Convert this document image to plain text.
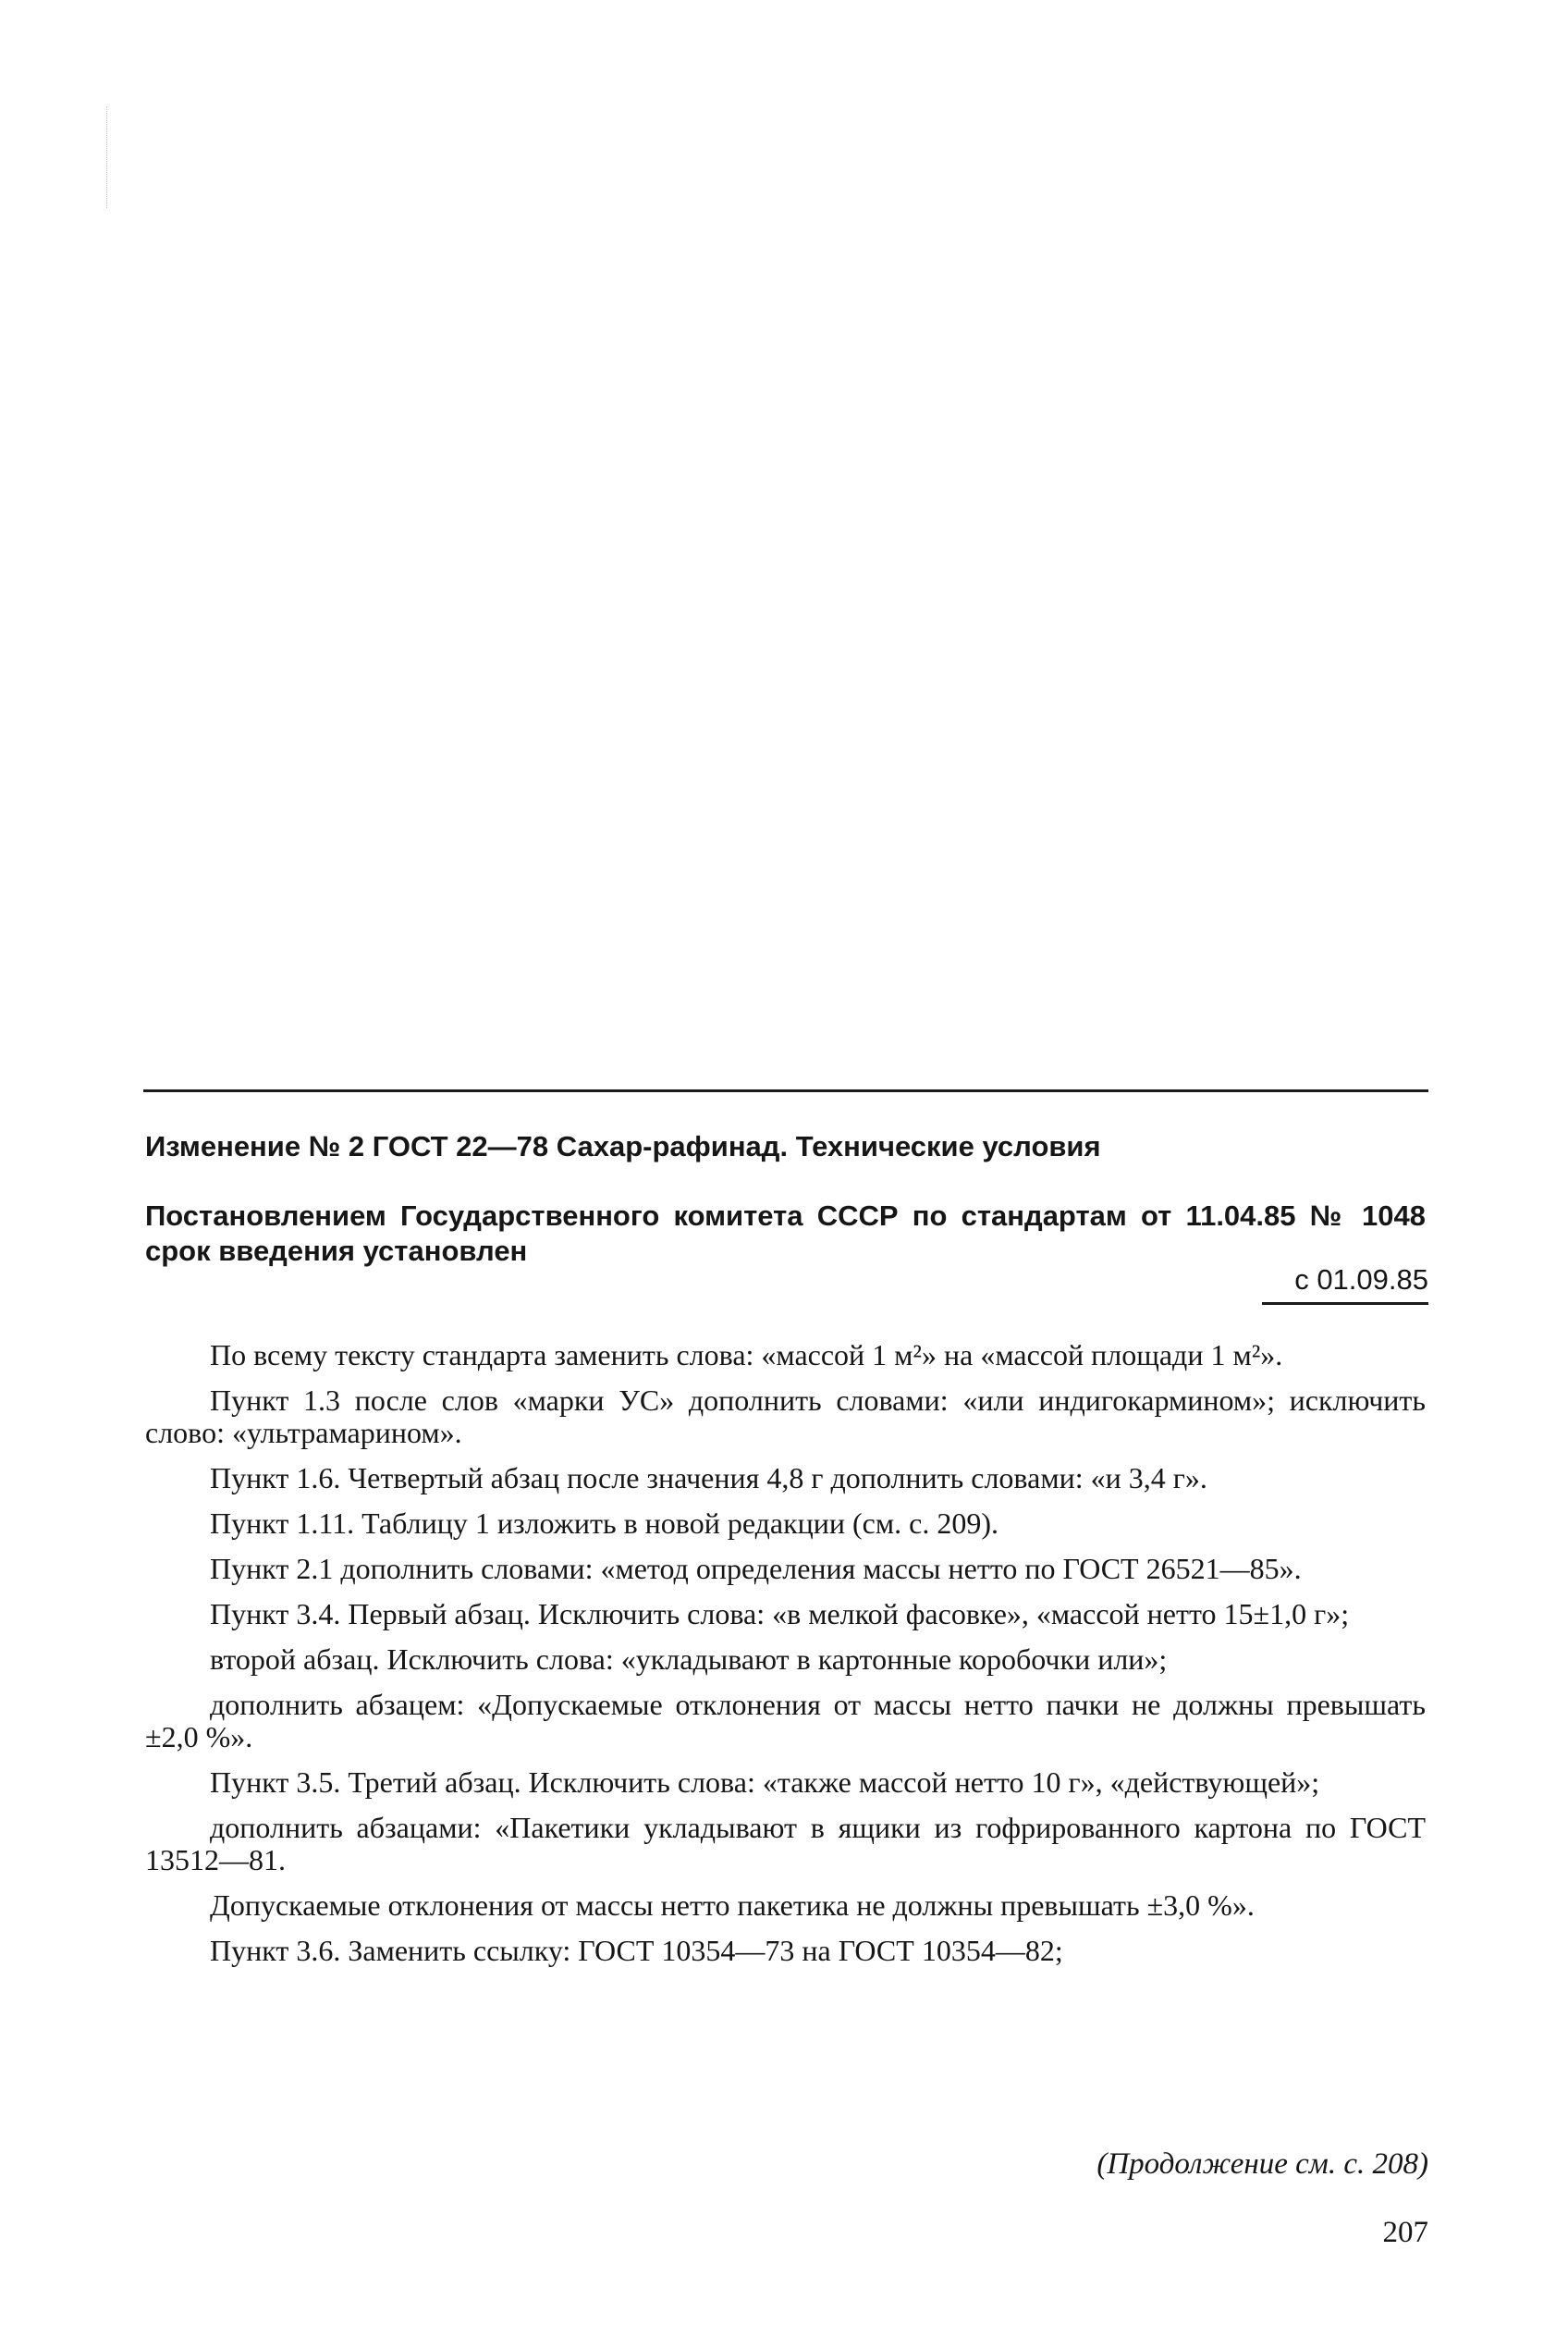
Изменение № 2 ГОСТ 22—78 Сахар-рафинад. Технические условия
Постановлением Государственного комитета СССР по стандартам от 11.04.85 № 1048 срок введения установлен
с 01.09.85

По всему тексту стандарта заменить слова: «массой 1 м²» на «массой площади 1 м²».

Пункт 1.3 после слов «марки УС» дополнить словами: «или индигокармином»; исключить слово: «ультрамарином».

Пункт 1.6. Четвертый абзац после значения 4,8 г дополнить словами: «и 3,4 г».

Пункт 1.11. Таблицу 1 изложить в новой редакции (см. с. 209).

Пункт 2.1 дополнить словами: «метод определения массы нетто по ГОСТ 26521—85».

Пункт 3.4. Первый абзац. Исключить слова: «в мелкой фасовке», «массой нетто 15±1,0 г»;

второй абзац. Исключить слова: «укладывают в картонные коробочки или»;

дополнить абзацем: «Допускаемые отклонения от массы нетто пачки не должны превышать ±2,0 %».

Пункт 3.5. Третий абзац. Исключить слова: «также массой нетто 10 г», «действующей»;

дополнить абзацами: «Пакетики укладывают в ящики из гофрированного картона по ГОСТ 13512—81.

Допускаемые отклонения от массы нетто пакетика не должны превышать ±3,0 %».

Пункт 3.6. Заменить ссылку: ГОСТ 10354—73 на ГОСТ 10354—82;

(Продолжение см. с. 208)
207
